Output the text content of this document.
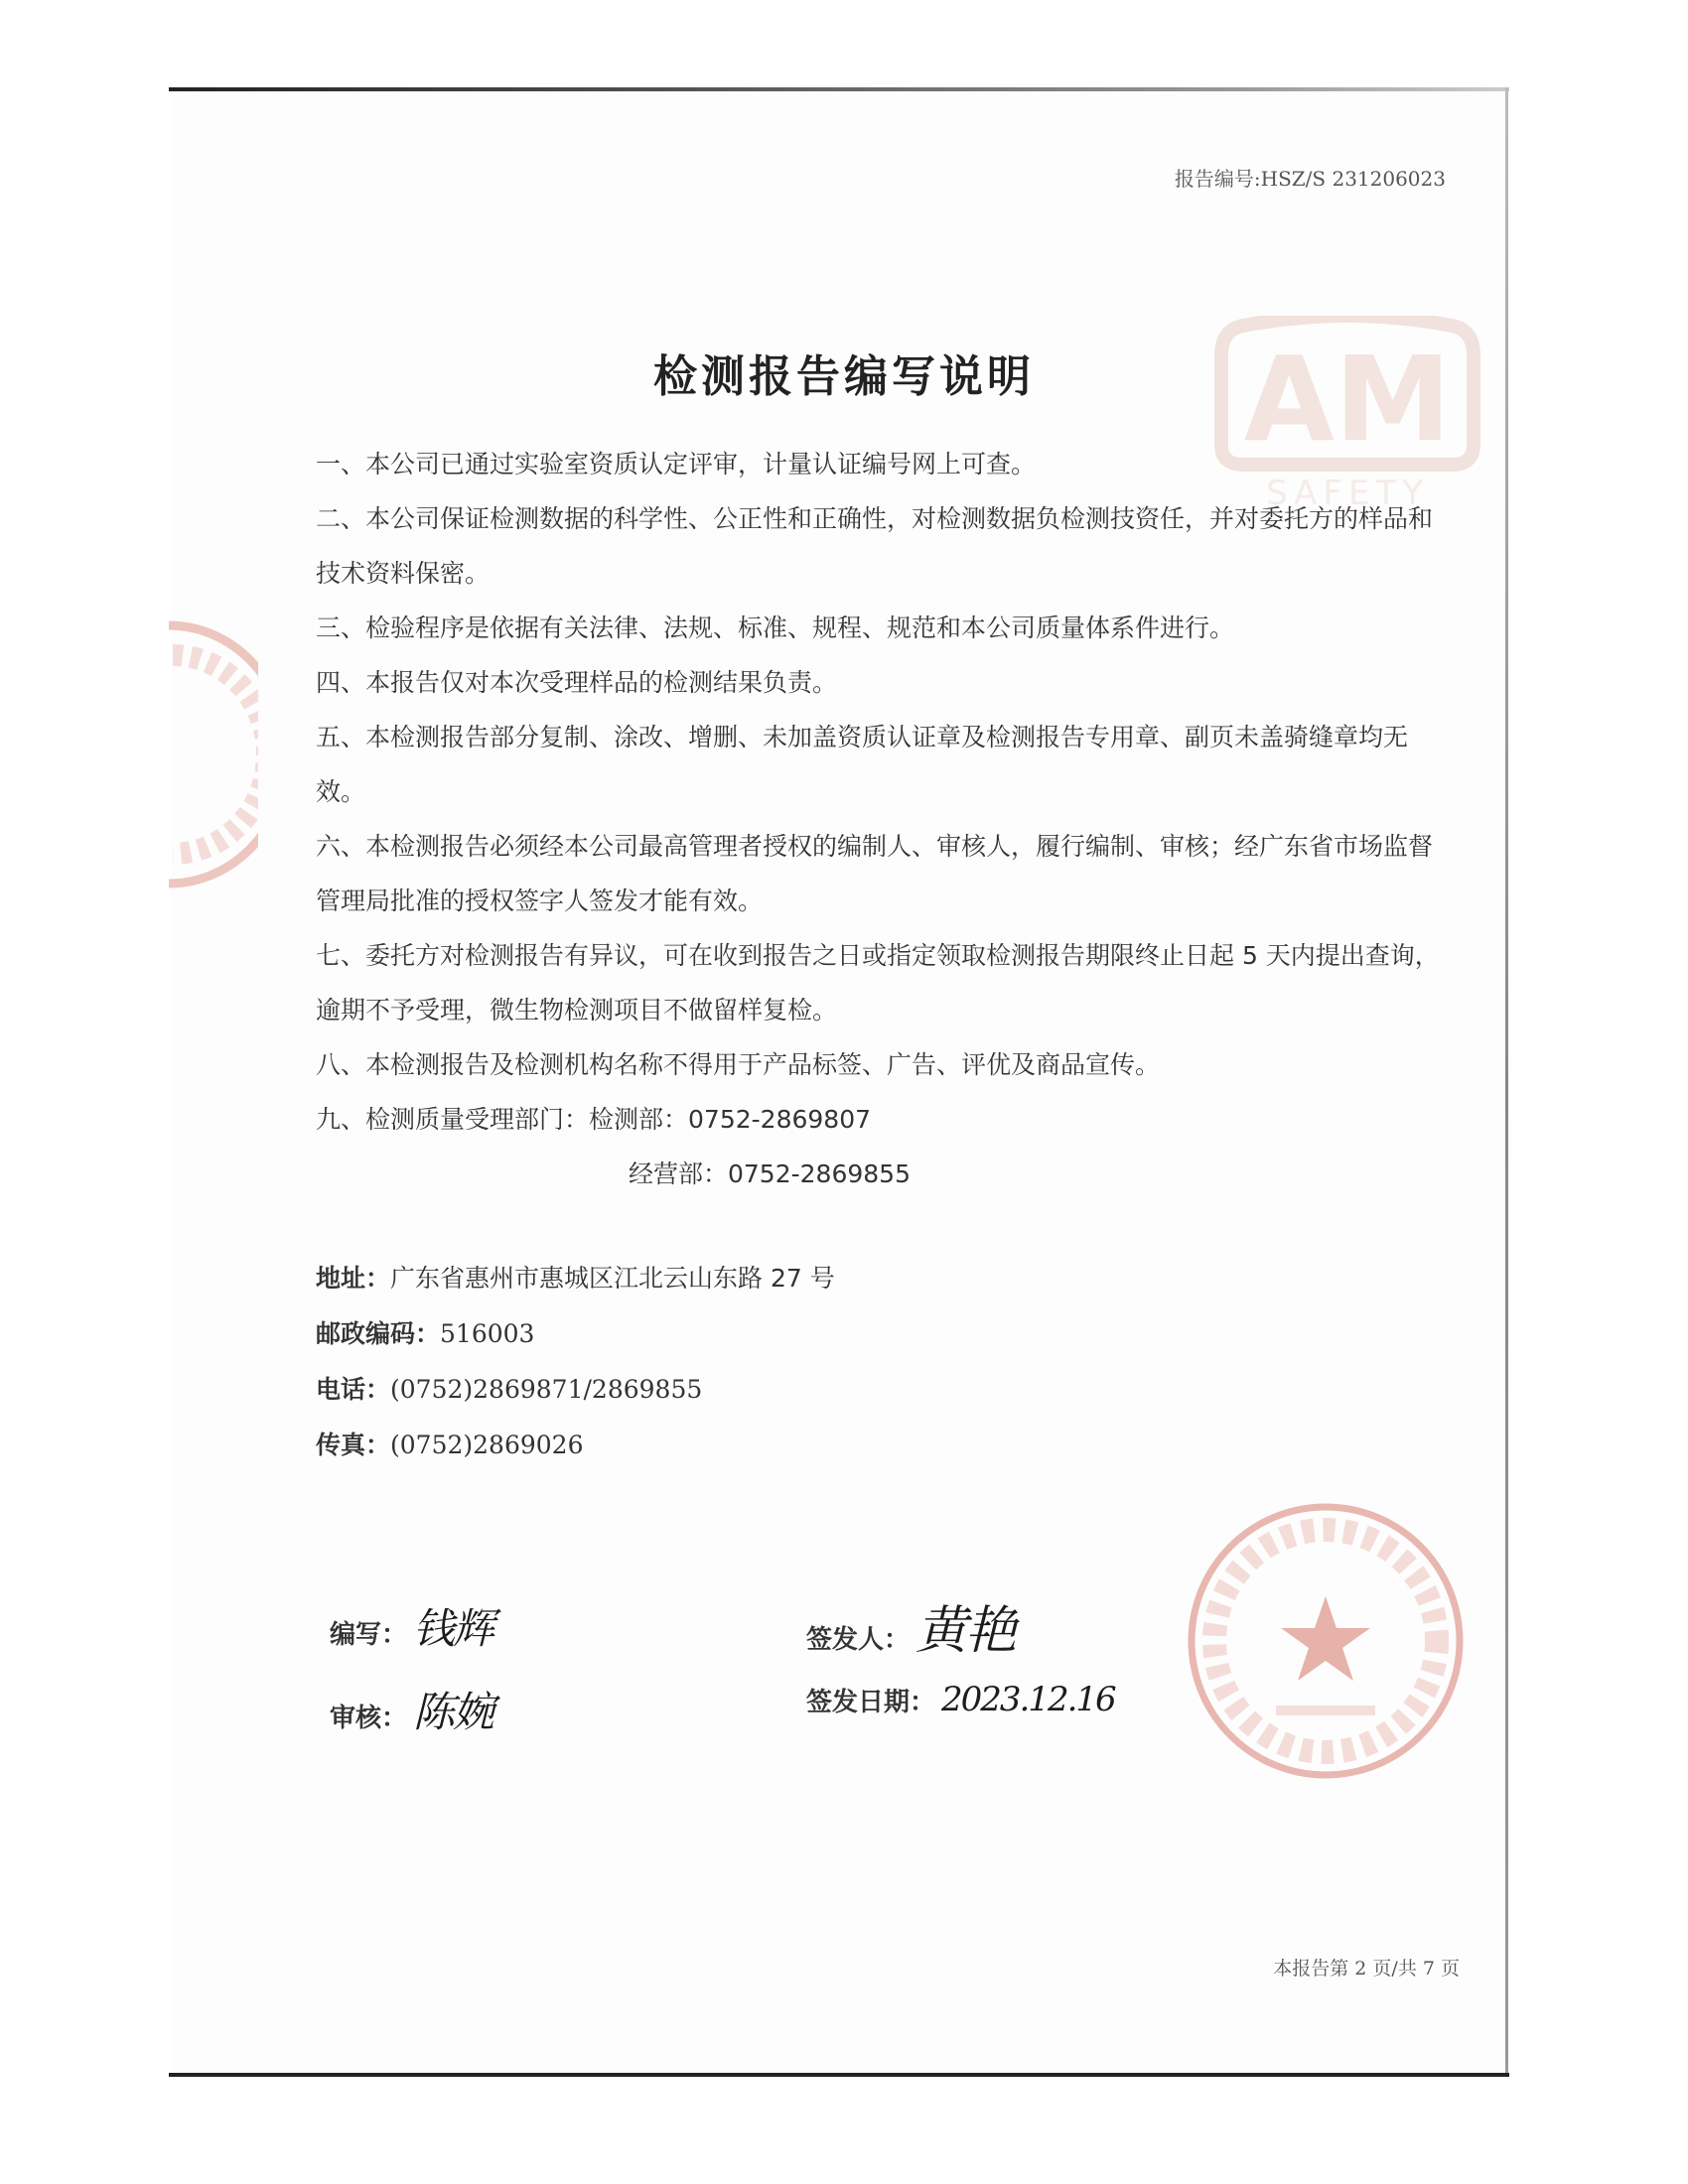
AM
SAFETY
报告编号:HSZ/S 231206023
检测报告编写说明

一、本公司已通过实验室资质认定评审，计量认证编号网上可查。

二、本公司保证检测数据的科学性、公正性和正确性，对检测数据负检测技资任，并对委托方的样品和技术资料保密。

三、检验程序是依据有关法律、法规、标准、规程、规范和本公司质量体系件进行。

四、本报告仅对本次受理样品的检测结果负责。

五、本检测报告部分复制、涂改、增删、未加盖资质认证章及检测报告专用章、副页未盖骑缝章均无效。

六、本检测报告必须经本公司最高管理者授权的编制人、审核人，履行编制、审核；经广东省市场监督管理局批准的授权签字人签发才能有效。

七、委托方对检测报告有异议，可在收到报告之日或指定领取检测报告期限终止日起 5 天内提出查询，逾期不予受理，微生物检测项目不做留样复检。

八、本检测报告及检测机构名称不得用于产品标签、广告、评优及商品宣传。

九、检测质量受理部门：检测部：0752-2869807

经营部：0752-2869855

地址：广东省惠州市惠城区江北云山东路 27 号
邮政编码：516003
电话：(0752)2869871/2869855
传真：(0752)2869026
编写： 钱辉
审核： 陈婉
签发人： 黄艳
签发日期： 2023.12.16
本报告第 2 页/共 7 页
